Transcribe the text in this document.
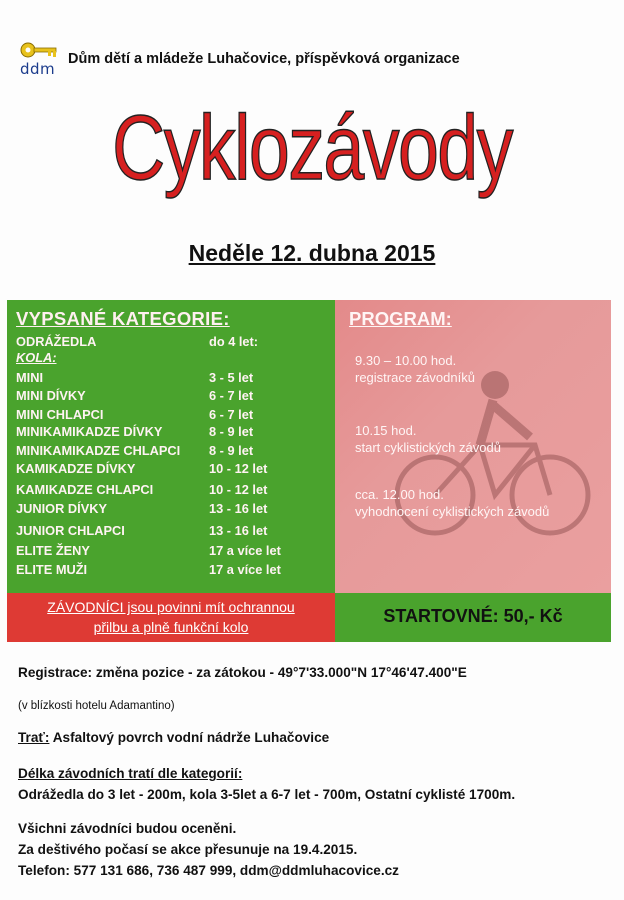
ddm
Dům dětí a mládeže Luhačovice, příspěvková organizace
Cyklozávody
Neděle 12. dubna 2015
VYPSANÉ KATEGORIE:
ODRÁŽEDLA	do 4 let:
KOLA:
MINI	3 - 5 let
MINI DÍVKY	6 - 7 let
MINI CHLAPCI	6 - 7 let
MINIKAMIKADZE DÍVKY	8 - 9 let
MINIKAMIKADZE CHLAPCI 8 - 9 let
KAMIKADZE DÍVKY	10 - 12 let
KAMIKADZE CHLAPCI	10 - 12 let
JUNIOR DÍVKY	13 - 16 let
JUNIOR CHLAPCI	13 - 16 let
ELITE ŽENY	17 a více let
ELITE MUŽI	17 a více let
PROGRAM:
9.30 – 10.00 hod.
registrace závodníků
10.15 hod.
start cyklistických závodů
cca. 12.00 hod.
vyhodnocení cyklistických závodů
ZÁVODNÍCI jsou povinni mít ochrannou
přilbu a plně funkční kolo
STARTOVNÉ: 50,- Kč
Registrace: změna pozice - za zátokou - 49°7'33.000"N 17°46'47.400"E
(v blízkosti hotelu Adamantino)
Trať: Asfaltový povrch vodní nádrže Luhačovice
Délka závodních tratí dle kategorií:
Odrážedla do 3 let - 200m, kola 3-5let a 6-7 let - 700m, Ostatní cyklisté 1700m.
Všichni závodníci budou oceněni.
Za deštivého počasí se akce přesunuje na 19.4.2015.
Telefon: 577 131 686, 736 487 999, ddm@ddmluhacovice.cz
